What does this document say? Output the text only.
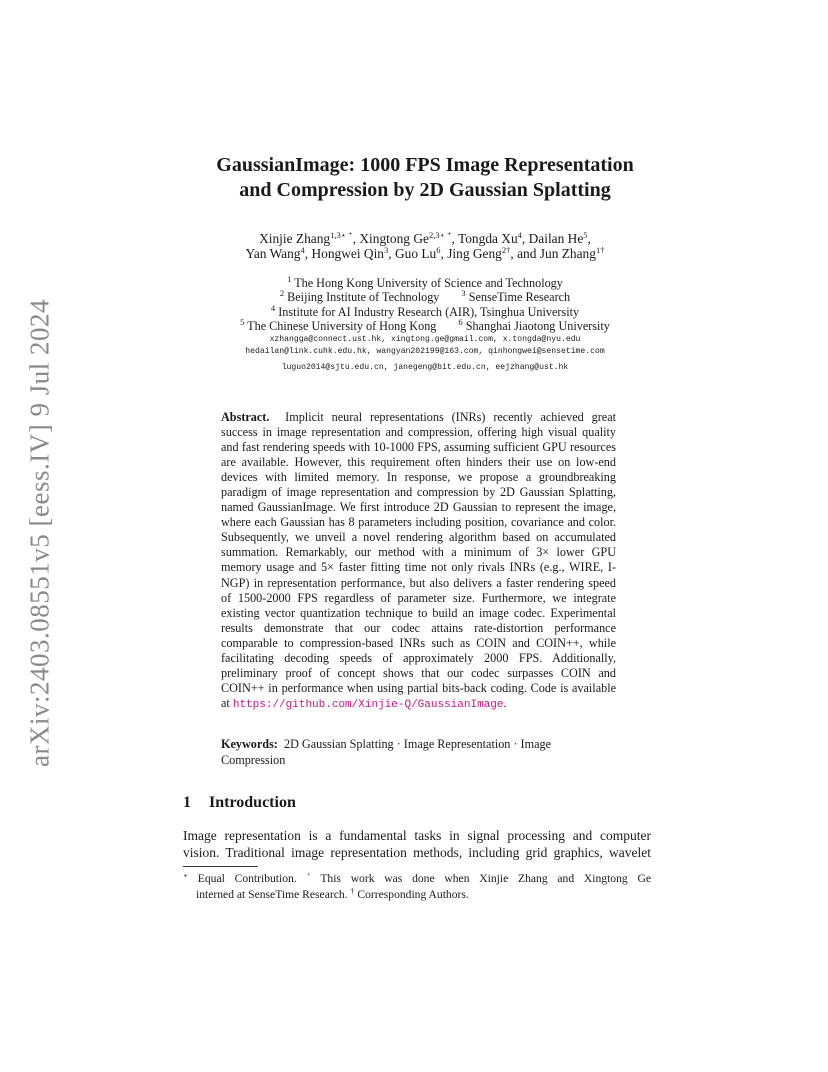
arXiv:2403.08551v5 [eess.IV] 9 Jul 2024
GaussianImage: 1000 FPS Image Representation
and Compression by 2D Gaussian Splatting
Xinjie Zhang$^{1,3⋆ ^+}$, Xingtong $Ge^{2,3⋆ ^+}$, Tongda Xu$^4$, Dailan He$^5$,
Yan Wang$^4$, Hongwei Qin$^3$, Guo Lu$^6$, Jing Geng$^{2\dagger}$, and Jun Zhang$^{1\dagger}$
$^1$ The Hong Kong University of Science and Technology
$^2$ Beijing Institute of Technology	$^3$ SenseTime Research
$^4$ Institute for AI Industry Research (AIR), Tsinghua University
$^5$ The Chinese University of Hong Kong	$^6$ Shanghai Jiaotong University
xzhangga@connect.ust.hk, xingtong.ge@gmail.com, x.tongda@nyu.edu
hedailan@link.cuhk.edu.hk, wangyan202199@163.com, qinhongwei@sensetime.com
luguo2014@sjtu.edu.cn, janegeng@bit.edu.cn, eejzhang@ust.hk

Abstract. Implicit neural representations (INRs) recently achieved great success in image representation and compression, offering high visual quality and fast rendering speeds with 10-1000 FPS, assuming sufficient GPU resources are available. However, this requirement often hinders their use on low-end devices with limited memory. In response, we propose a groundbreaking paradigm of image representation and compression by 2D Gaussian Splatting, named GaussianImage. We first introduce 2D Gaussian to represent the image, where each Gaussian has 8 parameters including position, covariance and color. Subsequently, we unveil a novel rendering algorithm based on accumulated summation. Remarkably, our method with a minimum of 3× lower GPU memory usage and 5× faster fitting time not only rivals INRs (e.g., WIRE, I-NGP) in representation performance, but also delivers a faster rendering speed of 1500-2000 FPS regardless of parameter size. Furthermore, we integrate existing vector quantization technique to build an image codec. Experimental results demonstrate that our codec attains rate-distortion performance comparable to compression-based INRs such as COIN and COIN++, while facilitating decoding speeds of approximately 2000 FPS. Additionally, preliminary proof of concept shows that our codec surpasses COIN and COIN++ in performance when using partial bits-back coding. Code is available at https://github.com/Xinjie-Q/GaussianImage.

Keywords: 2D Gaussian Splatting · Image Representation · Image Compression

1 Introduction

Image representation is a fundamental tasks in signal processing and computer
vision. Traditional image representation methods, including grid graphics, wavelet

⋆ Equal Contribution. ⁺ This work was done when Xinjie Zhang and Xingtong Ge
interned at SenseTime Research. † Corresponding Authors.
